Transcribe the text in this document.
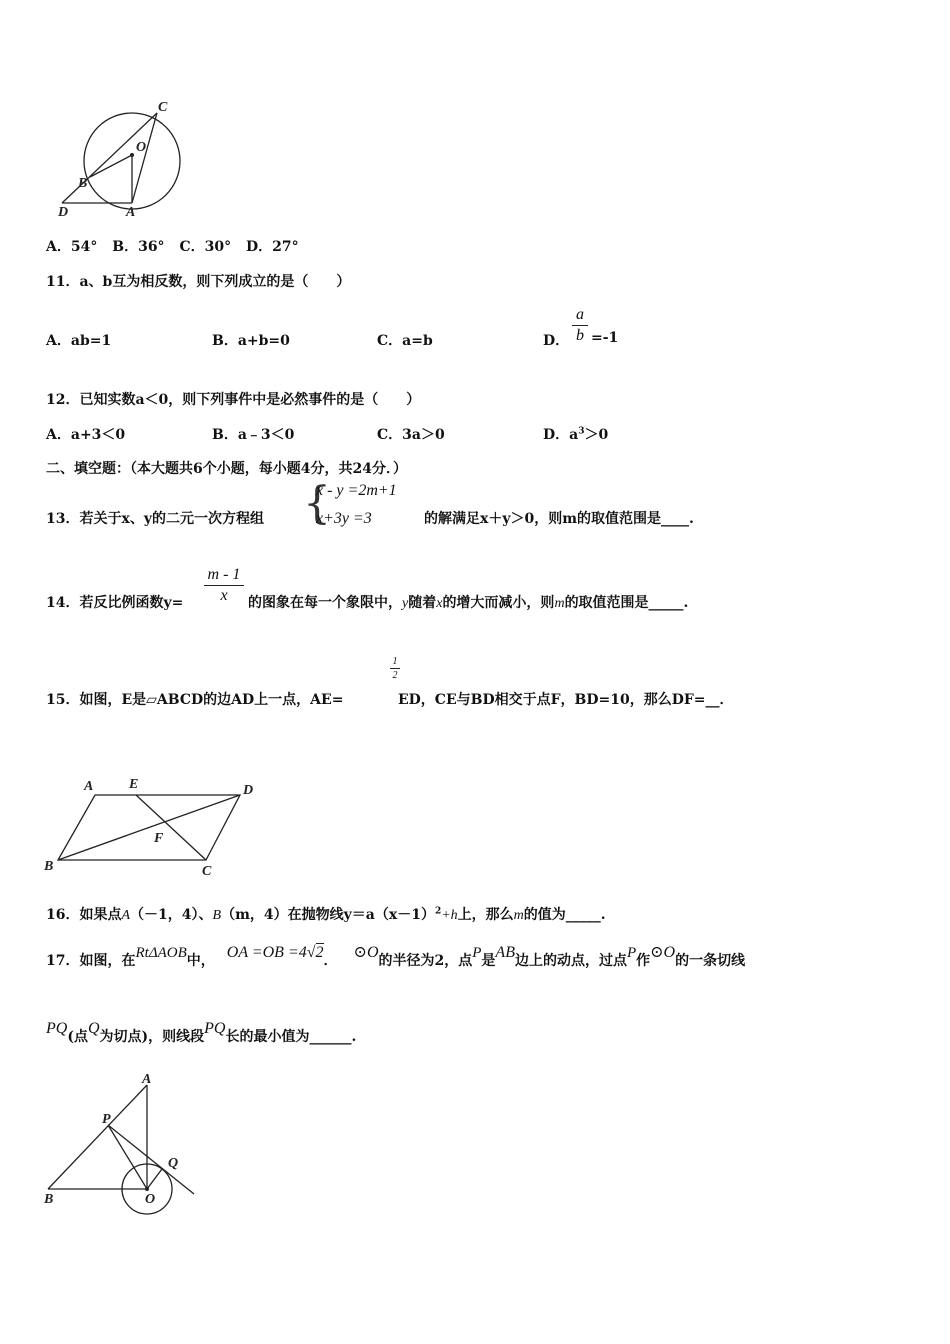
C
O
B
D	A
A．54° B．36° C．30° D．27°
11．a、b互为相反数，则下列成立的是（　　）
A．ab=1	B．a+b=0	C．a=b	D．
a
b =-1
12．已知实数a＜0，则下列事件中是必然事件的是（　　）
A．a+3＜0	B．a﹣3＜0	C．3a＞0	D．$a^3>0$
二、填空题：（本大题共6个小题，每小题4分，共24分．）
13．若关于x、y的二元一次方程组 {
x - y =2m+1
x+3y =3	的解满足x＋y＞0，则m的取值范围是____.
14．若反比例函数y=
m - 1
x	的图象在每一个象限中，y随着x的增大而减小，则m的取值范围是_____.
15．如图，E是▱ABCD的边AD上一点，AE=
1
2
ED，CE与BD相交于点F，BD=10，那么DF=__．
A	E	D
F
B	C
16．如果点A（－1，4）、B（m，4）在抛物线$y=a(x-1)^2+h$上，那么m的值为_____.
17．如图，在RtΔAOB中， OA =OB =4√2． ⊙O的半径为2，点P是AB边上的动点，过点P作⊙O的一条切线
PQ(点Q为切点)，则线段PQ长的最小值为______.
A
P
Q
B	O
